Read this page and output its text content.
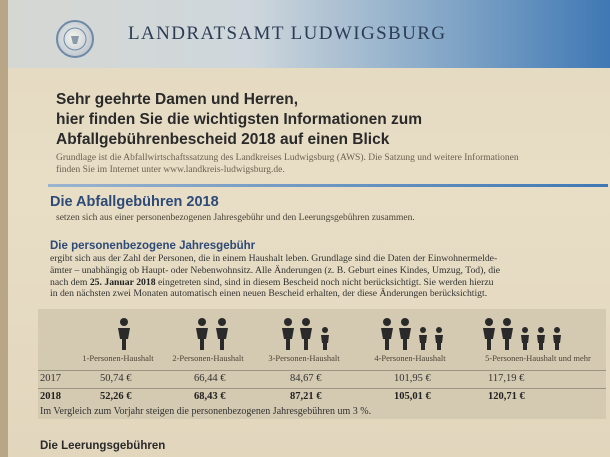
LANDRATSAMT LUDWIGSBURG
Sehr geehrte Damen und Herren,
hier finden Sie die wichtigsten Informationen zum
Abfallgebührenbescheid 2018 auf einen Blick
Grundlage ist die Abfallwirtschaftssatzung des Landkreises Ludwigsburg (AWS). Die Satzung und weitere Informationen
finden Sie im Internet unter www.landkreis-ludwigsburg.de.
Die Abfallgebühren 2018
setzen sich aus einer personenbezogenen Jahresgebühr und den Leerungsgebühren zusammen.
Die personenbezogene Jahresgebühr
ergibt sich aus der Zahl der Personen, die in einem Haushalt leben. Grundlage sind die Daten der Einwohnermelde-
ämter – unabhängig ob Haupt- oder Nebenwohnsitz. Alle Änderungen (z. B. Geburt eines Kindes, Umzug, Tod), die
nach dem 25. Januar 2018 eingetreten sind, sind in diesem Bescheid noch nicht berücksichtigt. Sie werden hierzu
in den nächsten zwei Monaten automatisch einen neuen Bescheid erhalten, der diese Änderungen berücksichtigt.
1-Personen-Haushalt	2-Personen-Haushalt	3-Personen-Haushalt	4-Personen-Haushalt	5-Personen-Haushalt und mehr
2017	50,74 €	66,44 €	84,67 €	101,95 €	117,19 €
2018	52,26 €	68,43 €	87,21 €	105,01 €	120,71 €
Im Vergleich zum Vorjahr steigen die personenbezogenen Jahresgebühren um 3 %.
Die Leerungsgebühren
